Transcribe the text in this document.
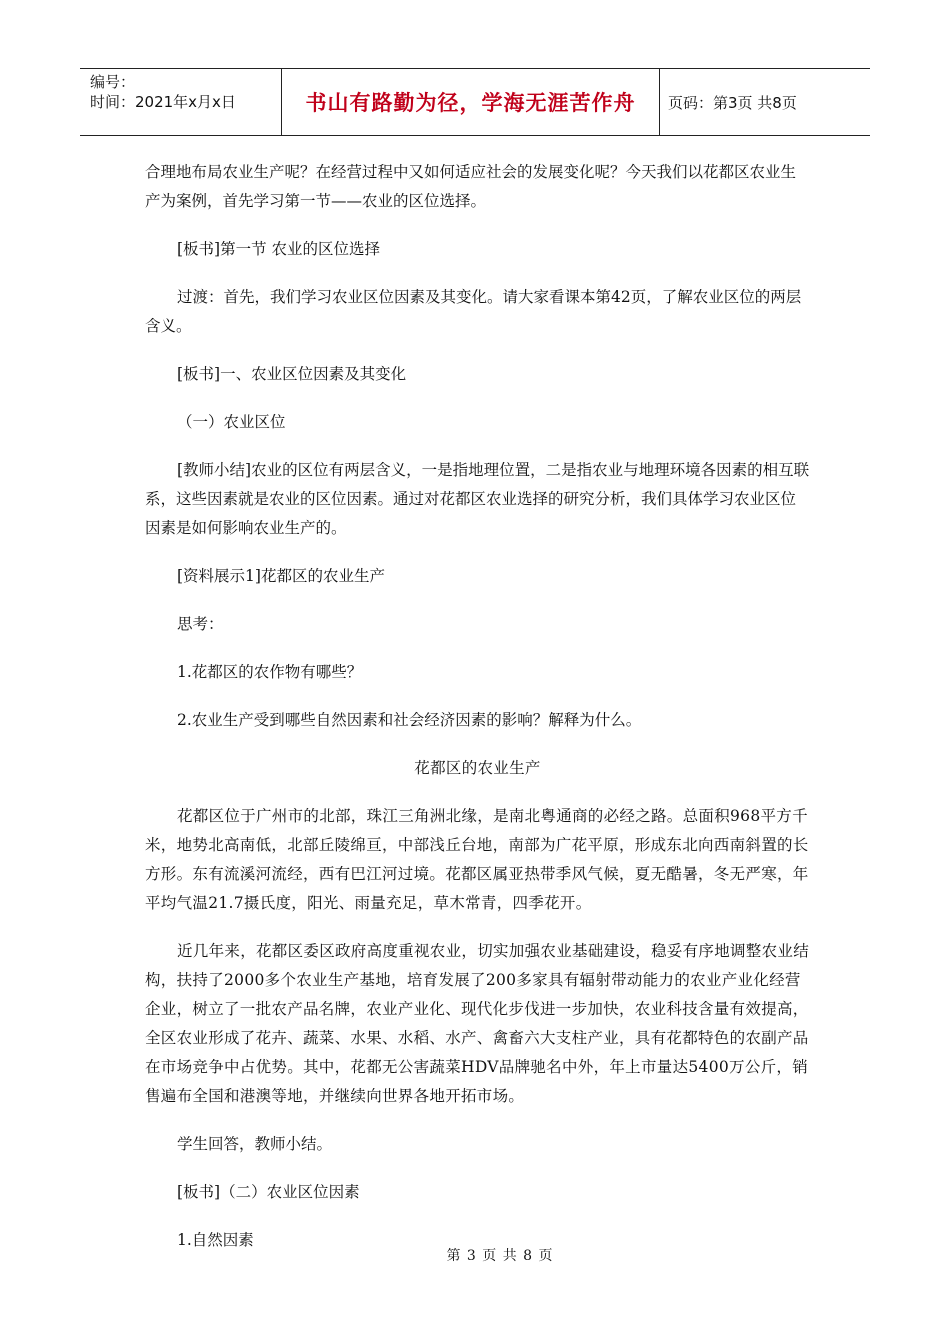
编号：
时间：2021年x月x日	书山有路勤为径，学海无涯苦作舟	页码：第3页 共8页

合理地布局农业生产呢？在经营过程中又如何适应社会的发展变化呢？今天我们以花都区农业生产为案例，首先学习第一节——农业的区位选择。

[板书]第一节 农业的区位选择

过渡：首先，我们学习农业区位因素及其变化。请大家看课本第42页，了解农业区位的两层含义。

[板书]一、农业区位因素及其变化

（一）农业区位

[教师小结]农业的区位有两层含义，一是指地理位置，二是指农业与地理环境各因素的相互联系，这些因素就是农业的区位因素。通过对花都区农业选择的研究分析，我们具体学习农业区位因素是如何影响农业生产的。

[资料展示1]花都区的农业生产

思考：

1.花都区的农作物有哪些？

2.农业生产受到哪些自然因素和社会经济因素的影响？解释为什么。

花都区的农业生产

花都区位于广州市的北部，珠江三角洲北缘，是南北粤通商的必经之路。总面积968平方千米，地势北高南低，北部丘陵绵亘，中部浅丘台地，南部为广花平原，形成东北向西南斜置的长方形。东有流溪河流经，西有巴江河过境。花都区属亚热带季风气候，夏无酷暑，冬无严寒，年平均气温21.7摄氏度，阳光、雨量充足，草木常青，四季花开。

近几年来，花都区委区政府高度重视农业，切实加强农业基础建设，稳妥有序地调整农业结构，扶持了2000多个农业生产基地，培育发展了200多家具有辐射带动能力的农业产业化经营企业，树立了一批农产品名牌，农业产业化、现代化步伐进一步加快，农业科技含量有效提高，全区农业形成了花卉、蔬菜、水果、水稻、水产、禽畜六大支柱产业，具有花都特色的农副产品在市场竞争中占优势。其中，花都无公害蔬菜HDV品牌驰名中外，年上市量达5400万公斤，销售遍布全国和港澳等地，并继续向世界各地开拓市场。

学生回答，教师小结。

[板书]（二）农业区位因素

1.自然因素

第 3 页 共 8 页
